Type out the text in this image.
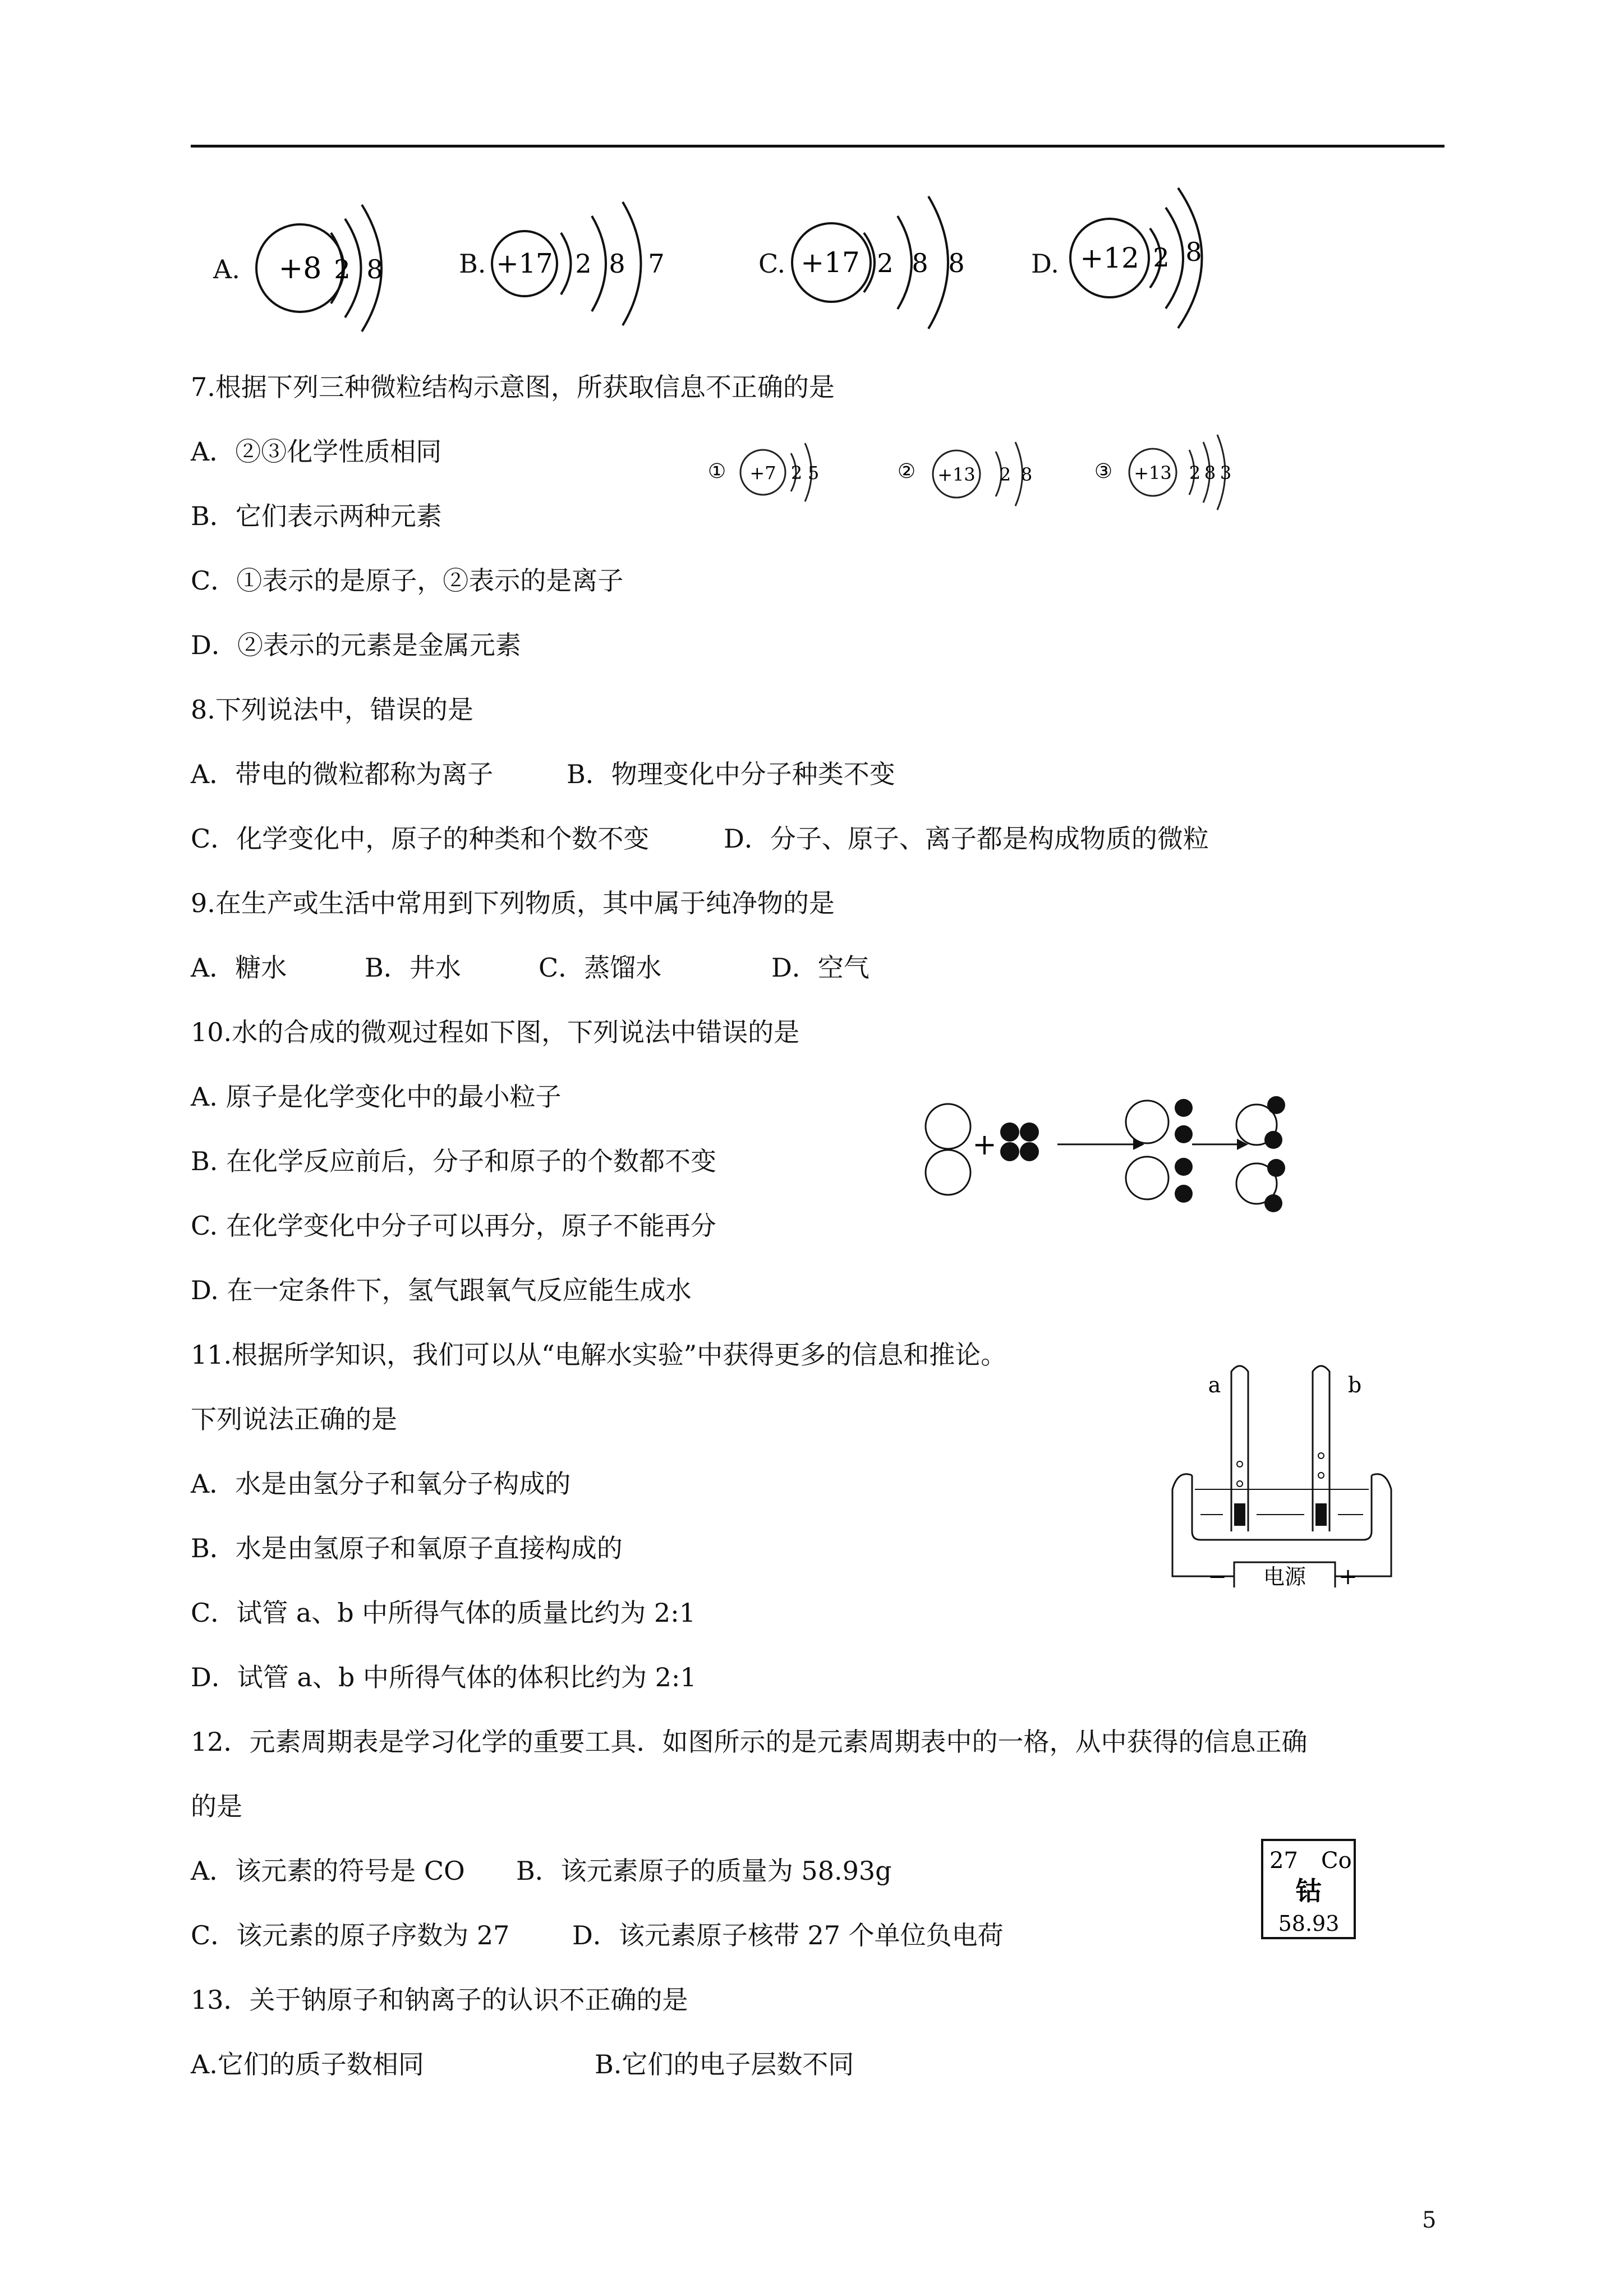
A. +8 2 8	B. +17 2 8 7	C. +17 2 8 8	D. +12 2 8
7.根据下列三种微粒结构示意图，所获取信息不正确的是
A．②③化学性质相同
B．它们表示两种元素
C．①表示的是原子，②表示的是离子
D．②表示的元素是金属元素
① +7 2 5	② +13 2 8	③ +13 2 8 3
8.下列说法中，错误的是
A．带电的微粒都称为离子	B．物理变化中分子种类不变
C．化学变化中，原子的种类和个数不变	D．分子、原子、离子都是构成物质的微粒
9.在生产或生活中常用到下列物质，其中属于纯净物的是
A．糖水	B．井水	C．蒸馏水	D．空气
10.水的合成的微观过程如下图，下列说法中错误的是
A. 原子是化学变化中的最小粒子
B. 在化学反应前后，分子和原子的个数都不变
C. 在化学变化中分子可以再分，原子不能再分
D. 在一定条件下，氢气跟氧气反应能生成水
+
11.根据所学知识，我们可以从“电解水实验”中获得更多的信息和推论。
下列说法正确的是
A．水是由氢分子和氧分子构成的
B．水是由氢原子和氧原子直接构成的
C．试管 a、b 中所得气体的质量比约为 2:1
D．试管 a、b 中所得气体的体积比约为 2:1
a	b
− 电源 +
12．元素周期表是学习化学的重要工具．如图所示的是元素周期表中的一格，从中获得的信息正确
的是
A．该元素的符号是 CO B．该元素原子的质量为 58.93g
C．该元素的原子序数为 27 D．该元素原子核带 27 个单位负电荷
27 Co
钴
58.93
13．关于钠原子和钠离子的认识不正确的是
A.它们的质子数相同	B.它们的电子层数不同
5
